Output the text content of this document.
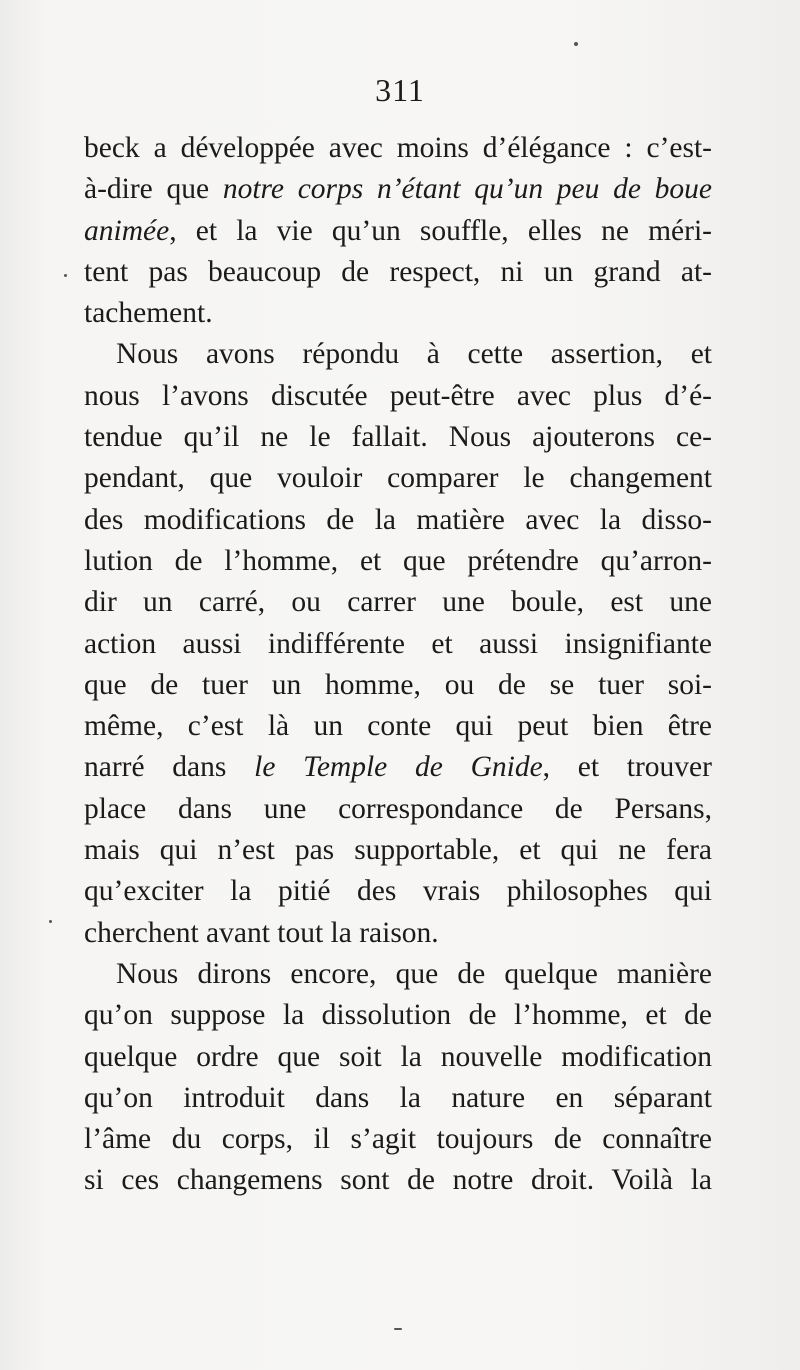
311
beck a développée avec moins d’élégance : c’est-
à-dire que notre corps n’étant qu’un peu de boue
animée, et la vie qu’un souffle, elles ne méri-
tent pas beaucoup de respect, ni un grand at-
tachement.
Nous avons répondu à cette assertion, et
nous l’avons discutée peut-être avec plus d’é-
tendue qu’il ne le fallait. Nous ajouterons ce-
pendant, que vouloir comparer le changement
des modifications de la matière avec la disso-
lution de l’homme, et que prétendre qu’arron-
dir un carré, ou carrer une boule, est une
action aussi indifférente et aussi insignifiante
que de tuer un homme, ou de se tuer soi-
même, c’est là un conte qui peut bien être
narré dans le Temple de Gnide, et trouver
place dans une correspondance de Persans,
mais qui n’est pas supportable, et qui ne fera
qu’exciter la pitié des vrais philosophes qui
cherchent avant tout la raison.
Nous dirons encore, que de quelque manière
qu’on suppose la dissolution de l’homme, et de
quelque ordre que soit la nouvelle modification
qu’on introduit dans la nature en séparant
l’âme du corps, il s’agit toujours de connaître
si ces changemens sont de notre droit. Voilà la
